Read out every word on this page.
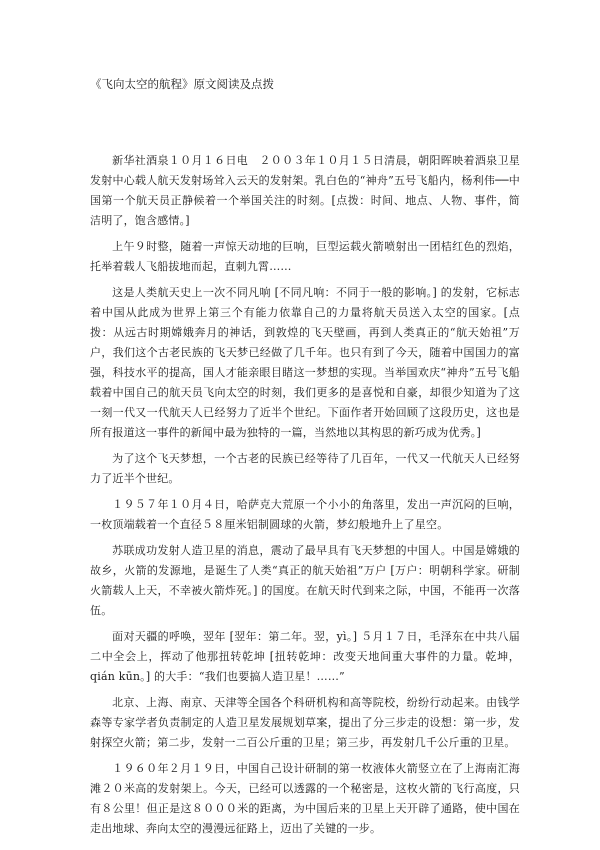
《飞向太空的航程》原文阅读及点拨

新华社酒泉１０月１６日电　２００３年１０月１５日清晨，朝阳晖映着酒泉卫星发射中心载人航天发射场耸入云天的发射架。乳白色的“神舟”五号飞船内，杨利伟──中国第一个航天员正静候着一个举国关注的时刻。[点拨：时间、地点、人物、事件，简洁明了，饱含感情。]

上午９时整，随着一声惊天动地的巨响，巨型运载火箭喷射出一团桔红色的烈焰，托举着载人飞船拔地而起，直刺九霄……

这是人类航天史上一次不同凡响 [不同凡响：不同于一般的影响。] 的发射，它标志着中国从此成为世界上第三个有能力依靠自己的力量将航天员送入太空的国家。[点拨：从远古时期嫦娥奔月的神话，到敦煌的飞天壁画，再到人类真正的“航天始祖”万户，我们这个古老民族的飞天梦已经做了几千年。也只有到了今天，随着中国国力的富强，科技水平的提高，国人才能亲眼目睹这一梦想的实现。当举国欢庆“神舟”五号飞船载着中国自己的航天员飞向太空的时刻，我们更多的是喜悦和自豪，却很少知道为了这一刻一代又一代航天人已经努力了近半个世纪。下面作者开始回顾了这段历史，这也是所有报道这一事件的新闻中最为独特的一篇，当然地以其构思的新巧成为优秀。]

为了这个飞天梦想，一个古老的民族已经等待了几百年，一代又一代航天人已经努力了近半个世纪。

１９５７年１０月４日，哈萨克大荒原一个小小的角落里，发出一声沉闷的巨响，一枚顶端载着一个直径５８厘米铝制圆球的火箭，梦幻般地升上了星空。

苏联成功发射人造卫星的消息，震动了最早具有飞天梦想的中国人。中国是嫦娥的故乡，火箭的发源地，是诞生了人类“真正的航天始祖”万户 [万户：明朝科学家。研制火箭载人上天，不幸被火箭炸死。] 的国度。在航天时代到来之际，中国，不能再一次落伍。

面对天疆的呼唤，翌年 [翌年：第二年。翌，yì。] ５月１７日，毛泽东在中共八届二中全会上，挥动了他那扭转乾坤 [扭转乾坤：改变天地间重大事件的力量。乾坤，qián kūn。] 的大手：“我们也要搞人造卫星！……”

北京、上海、南京、天津等全国各个科研机构和高等院校，纷纷行动起来。由钱学森等专家学者负责制定的人造卫星发展规划草案，提出了分三步走的设想：第一步，发射探空火箭；第二步，发射一二百公斤重的卫星；第三步，再发射几千公斤重的卫星。

１９６０年２月１９日，中国自己设计研制的第一枚液体火箭竖立在了上海南汇海滩２０米高的发射架上。今天，已经可以透露的一个秘密是，这枚火箭的飞行高度，只有８公里！但正是这８０００米的距离，为中国后来的卫星上天开辟了通路，使中国在走出地球、奔向太空的漫漫远征路上，迈出了关键的一步。
